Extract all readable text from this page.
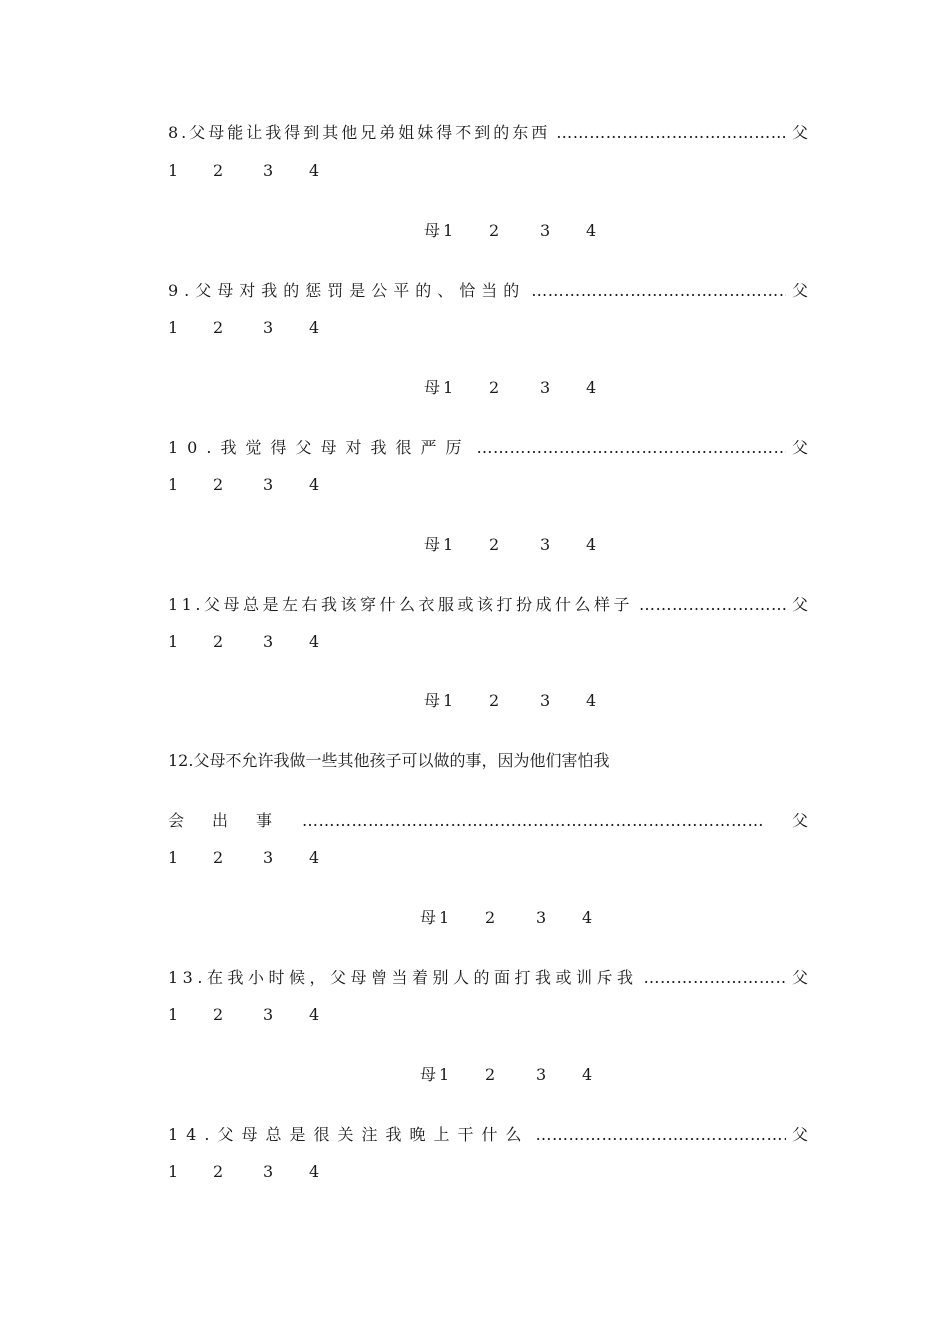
8.父母能让我得到其他兄弟姐妹得不到的东西 ………………………………………………………………………………………………………………………………	父
1 2 3 4
母 1 2	3 4
9.父母对我的惩罚是公平的、恰当的 ………………………………………………………………………………………………………………………………	父
1 2 3 4
母 1 2	3 4
10.我觉得父母对我很严厉 ………………………………………………………………………………………………………………………………	父
1 2 3 4
母 1 2	3 4
11.父母总是左右我该穿什么衣服或该打扮成什么样子 ………………………………………………………………………………………………………………………………	父
1 2 3 4
母 1 2	3 4
12.父母不允许我做一些其他孩子可以做的事，因为他们害怕我
会 出 事 ………………………………………………………………………………………………………………………………	父
1 2 3 4
母 1 2	3 4
13.在我小时候，父母曾当着别人的面打我或训斥我 ………………………………………………………………………………………………………………………………	父
1 2 3 4
母 1 2	3 4
14.父母总是很关注我晚上干什么 ………………………………………………………………………………………………………………………………	父
1 2 3 4
